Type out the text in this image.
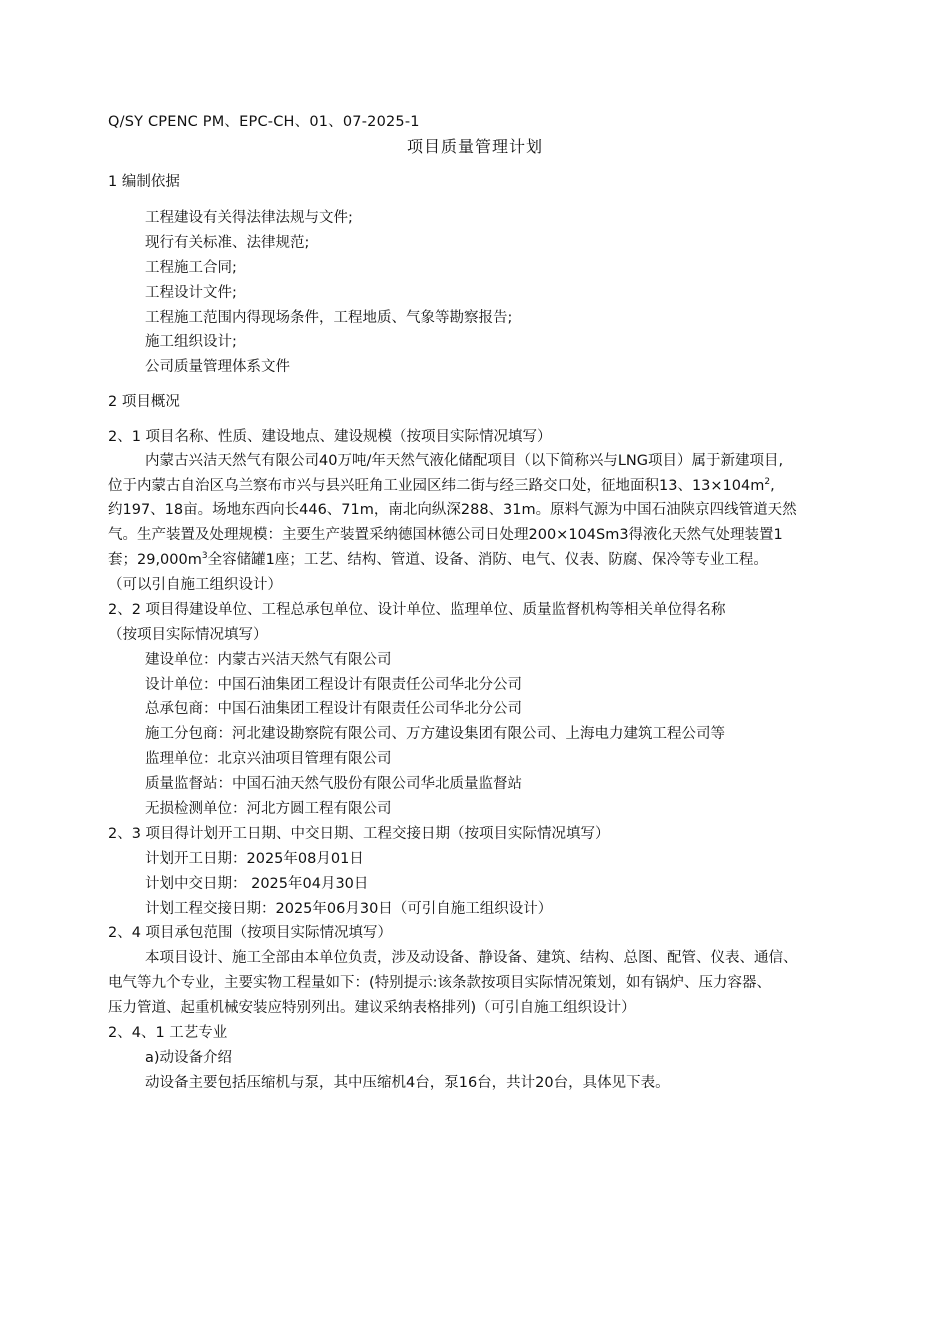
Q/SY CPENC PM、EPC-CH、01、07-2025-1
项目质量管理计划
1 编制依据
工程建设有关得法律法规与文件;
现行有关标准、法律规范;
工程施工合同;
工程设计文件;
工程施工范围内得现场条件，工程地质、气象等勘察报告;
施工组织设计;
公司质量管理体系文件
2 项目概况
2、1 项目名称、性质、建设地点、建设规模（按项目实际情况填写）
内蒙古兴洁天然气有限公司40万吨/年天然气液化储配项目（以下简称兴与LNG项目）属于新建项目,
位于内蒙古自治区乌兰察布市兴与县兴旺角工业园区纬二街与经三路交口处，征地面积13、$13\times 104m^2$,
约197、18亩。场地东西向长446、71m，南北向纵深288、31m。原料气源为中国石油陕京四线管道天然
气。生产装置及处理规模：主要生产装置采纳德国林德公司日处理200×104Sm3得液化天然气处理装置1
套；$29,000m^3$全容储罐1座；工艺、结构、管道、设备、消防、电气、仪表、防腐、保冷等专业工程。
（可以引自施工组织设计）
2、2 项目得建设单位、工程总承包单位、设计单位、监理单位、质量监督机构等相关单位得名称
（按项目实际情况填写）
建设单位：内蒙古兴洁天然气有限公司
设计单位：中国石油集团工程设计有限责任公司华北分公司
总承包商：中国石油集团工程设计有限责任公司华北分公司
施工分包商：河北建设勘察院有限公司、万方建设集团有限公司、上海电力建筑工程公司等
监理单位：北京兴油项目管理有限公司
质量监督站：中国石油天然气股份有限公司华北质量监督站
无损检测单位：河北方圆工程有限公司
2、3 项目得计划开工日期、中交日期、工程交接日期（按项目实际情况填写）
计划开工日期：2025年08月01日
计划中交日期： 2025年04月30日
计划工程交接日期：2025年06月30日（可引自施工组织设计）
2、4 项目承包范围（按项目实际情况填写）
本项目设计、施工全部由本单位负责，涉及动设备、静设备、建筑、结构、总图、配管、仪表、通信、
电气等九个专业，主要实物工程量如下：(特别提示:该条款按项目实际情况策划，如有锅炉、压力容器、
压力管道、起重机械安装应特别列出。建议采纳表格排列)（可引自施工组织设计）
2、4、1 工艺专业
a)动设备介绍
动设备主要包括压缩机与泵，其中压缩机4台，泵16台，共计20台，具体见下表。
